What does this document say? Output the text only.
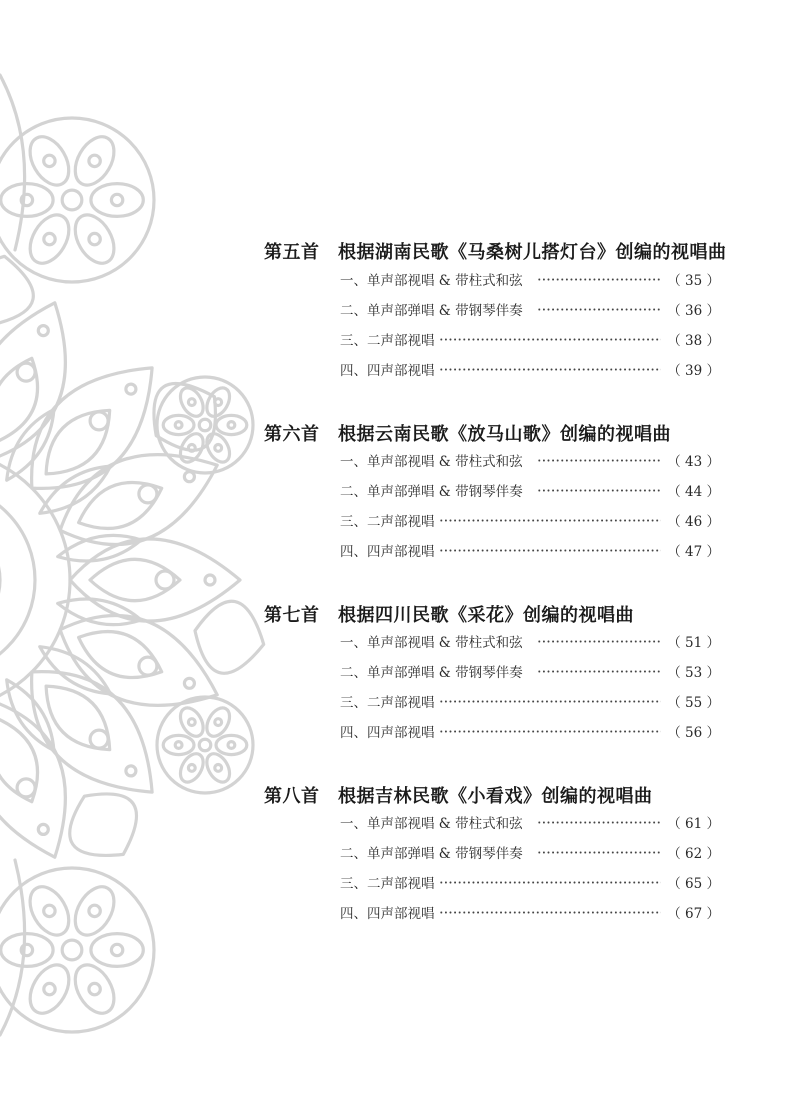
第五首 根据湖南民歌《马桑树儿搭灯台》创编的视唱曲
一、单声部视唱 & 带柱式和弦	（ 35 ）
二、单声部弹唱 & 带钢琴伴奏	（ 36 ）
三、二声部视唱	（ 38 ）
四、四声部视唱	（ 39 ）
第六首 根据云南民歌《放马山歌》创编的视唱曲
一、单声部视唱 & 带柱式和弦	（ 43 ）
二、单声部弹唱 & 带钢琴伴奏	（ 44 ）
三、二声部视唱	（ 46 ）
四、四声部视唱	（ 47 ）
第七首 根据四川民歌《采花》创编的视唱曲
一、单声部视唱 & 带柱式和弦	（ 51 ）
二、单声部弹唱 & 带钢琴伴奏	（ 53 ）
三、二声部视唱	（ 55 ）
四、四声部视唱	（ 56 ）
第八首 根据吉林民歌《小看戏》创编的视唱曲
一、单声部视唱 & 带柱式和弦	（ 61 ）
二、单声部弹唱 & 带钢琴伴奏	（ 62 ）
三、二声部视唱	（ 65 ）
四、四声部视唱	（ 67 ）
